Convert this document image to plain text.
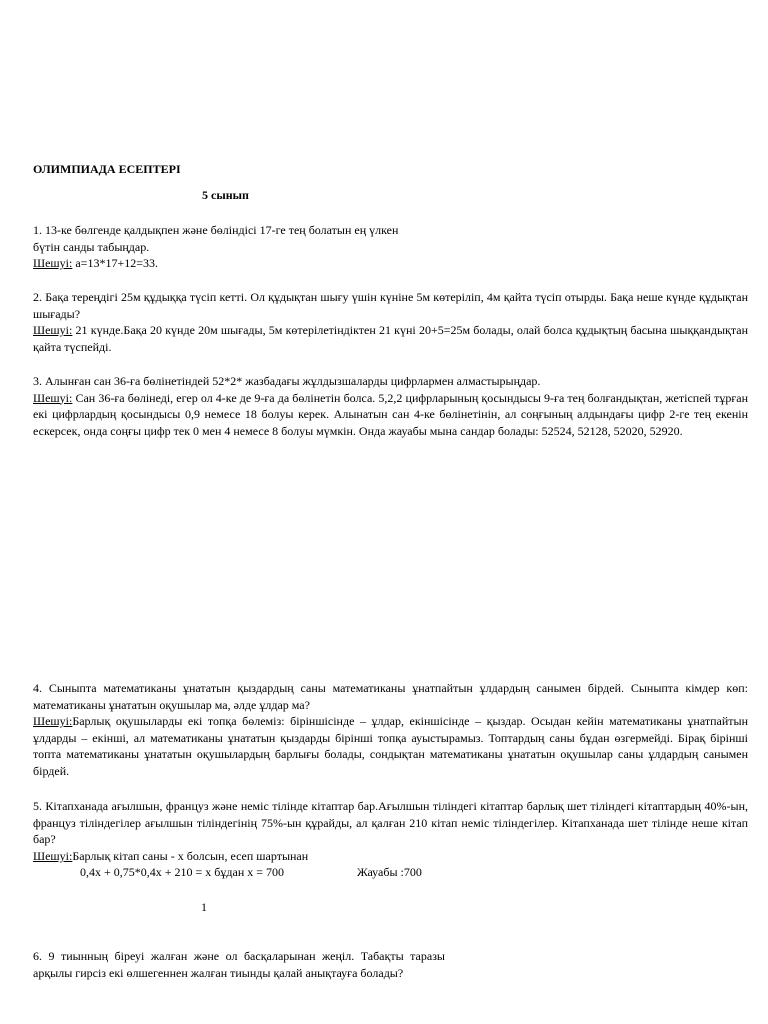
ОЛИМПИАДА ЕСЕПТЕРІ

5 сынып

1. 13-ке бөлгенде қалдықпен және бөліндісі 17-ге тең болатын ең үлкен

бүтін санды табыңдар.

Шешуі: а=13*17+12=33.

2. Бақа тереңдігі 25м құдыққа түсіп кетті. Ол құдықтан шығу үшін күніне 5м көтеріліп, 4м қайта түсіп отырды. Бақа неше күнде құдықтан шығады?

Шешуі: 21 күнде.Бақа 20 күнде 20м шығады, 5м көтерілетіндіктен 21 күні 20+5=25м болады, олай болса құдықтың басына шыққандықтан қайта түспейді.

3. Алынған сан 36-ға бөлінетіндей 52*2* жазбадағы жұлдызшаларды цифрлармен алмастырыңдар.

Шешуі: Сан 36-ға бөлінеді, егер ол 4-ке де 9-ға да бөлінетін болса. 5,2,2 цифрларының қосындысы 9-ға тең болғандықтан, жетіспей тұрған екі цифрлардың қосындысы 0,9 немесе 18 болуы керек. Алынатын сан 4-ке бөлінетінін, ал соңғының алдындағы цифр 2-ге тең екенін ескерсек, онда соңғы цифр тек 0 мен 4 немесе 8 болуы мүмкін. Онда жауабы мына сандар болады: 52524, 52128, 52020, 52920.

4. Сыныпта математиканы ұнататын қыздардың саны математиканы ұнатпайтын ұлдардың санымен бірдей. Сыныпта кімдер көп: математиканы ұнататын оқушылар ма, әлде ұлдар ма?

Шешуі:Барлық оқушыларды екі топқа бөлеміз: біріншісінде – ұлдар, екіншісінде – қыздар. Осыдан кейін математиканы ұнатпайтын ұлдарды – екінші, ал математиканы ұнататын қыздарды бірінші топқа ауыстырамыз. Топтардың саны бұдан өзгермейді. Бірақ бірінші топта математиканы ұнататын оқушылардың барлығы болады, сондықтан математиканы ұнататын оқушылар саны ұлдардың санымен бірдей.

5. Кітапханада ағылшын, француз және неміс тілінде кітаптар бар.Ағылшын тіліндегі кітаптар барлық шет тіліндегі кітаптардың 40%-ын, француз тіліндегілер ағылшын тіліндегінің 75%-ын құрайды, ал қалған 210 кітап неміс тіліндегілер. Кітапханада шет тілінде неше кітап бар?

Шешуі:Барлық кітап саны - х болсын, есеп шартынан

0,4х + 0,75*0,4х + 210 = х бұдан х = 700	Жауабы :700

1

6. 9 тиынның біреуі жалған және ол басқаларынан жеңіл. Табақты таразы арқылы гирсіз екі өлшегеннен жалған тиынды қалай анықтауға болады?
